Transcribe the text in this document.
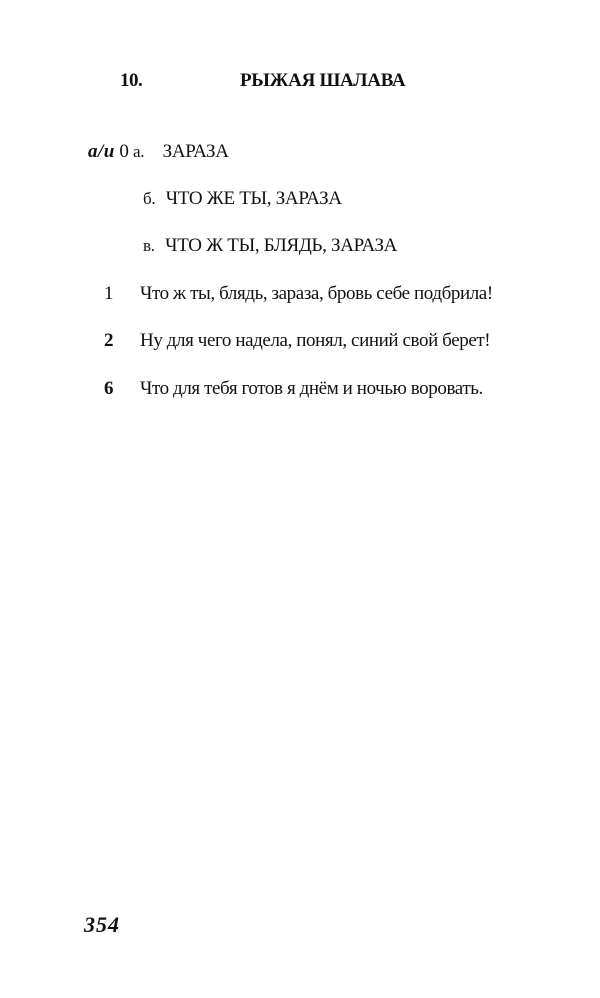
10.	РЫЖАЯ ШАЛАВА
а/и 0 а. ЗАРАЗА
б. ЧТО ЖЕ ТЫ, ЗАРАЗА
в. ЧТО Ж ТЫ, БЛЯДЬ, ЗАРАЗА
1 Что ж ты, блядь, зараза, бровь себе подбрила!
2 Ну для чего надела, понял, синий свой берет!
6 Что для тебя готов я днём и ночью воровать.
354
